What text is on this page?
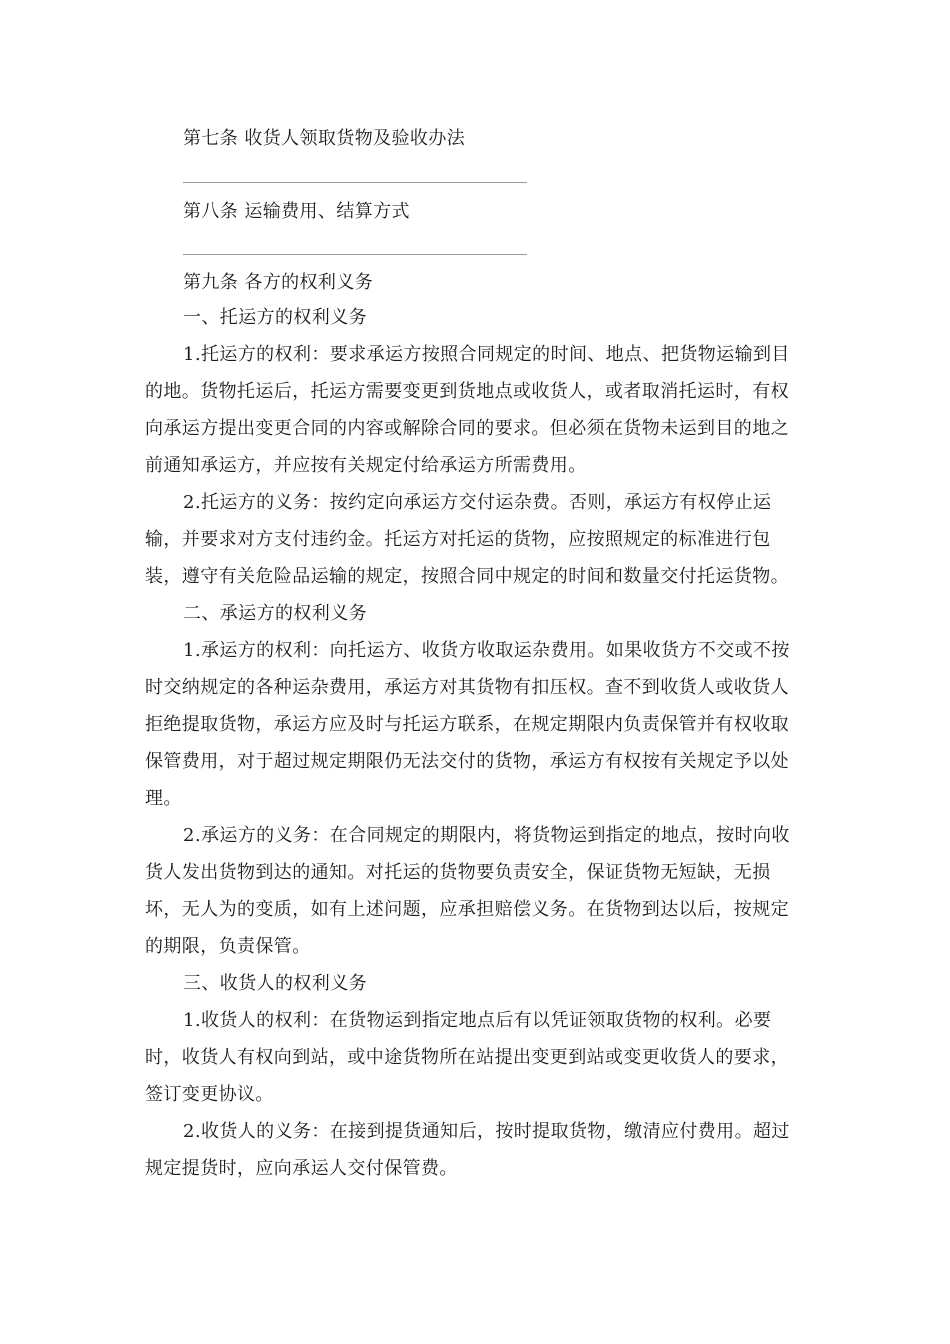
第七条 收货人领取货物及验收办法
第八条 运输费用、结算方式
第九条 各方的权利义务

一、托运方的权利义务

1.托运方的权利：要求承运方按照合同规定的时间、地点、把货物运输到目的地。货物托运后，托运方需要变更到货地点或收货人，或者取消托运时，有权向承运方提出变更合同的内容或解除合同的要求。但必须在货物未运到目的地之前通知承运方，并应按有关规定付给承运方所需费用。

2.托运方的义务：按约定向承运方交付运杂费。否则，承运方有权停止运输，并要求对方支付违约金。托运方对托运的货物，应按照规定的标准进行包装，遵守有关危险品运输的规定，按照合同中规定的时间和数量交付托运货物。

二、承运方的权利义务

1.承运方的权利：向托运方、收货方收取运杂费用。如果收货方不交或不按时交纳规定的各种运杂费用，承运方对其货物有扣压权。查不到收货人或收货人拒绝提取货物，承运方应及时与托运方联系，在规定期限内负责保管并有权收取保管费用，对于超过规定期限仍无法交付的货物，承运方有权按有关规定予以处理。

2.承运方的义务：在合同规定的期限内，将货物运到指定的地点，按时向收货人发出货物到达的通知。对托运的货物要负责安全，保证货物无短缺，无损坏，无人为的变质，如有上述问题，应承担赔偿义务。在货物到达以后，按规定的期限，负责保管。

三、收货人的权利义务

1.收货人的权利：在货物运到指定地点后有以凭证领取货物的权利。必要时，收货人有权向到站，或中途货物所在站提出变更到站或变更收货人的要求，签订变更协议。

2.收货人的义务：在接到提货通知后，按时提取货物，缴清应付费用。超过规定提货时，应向承运人交付保管费。
